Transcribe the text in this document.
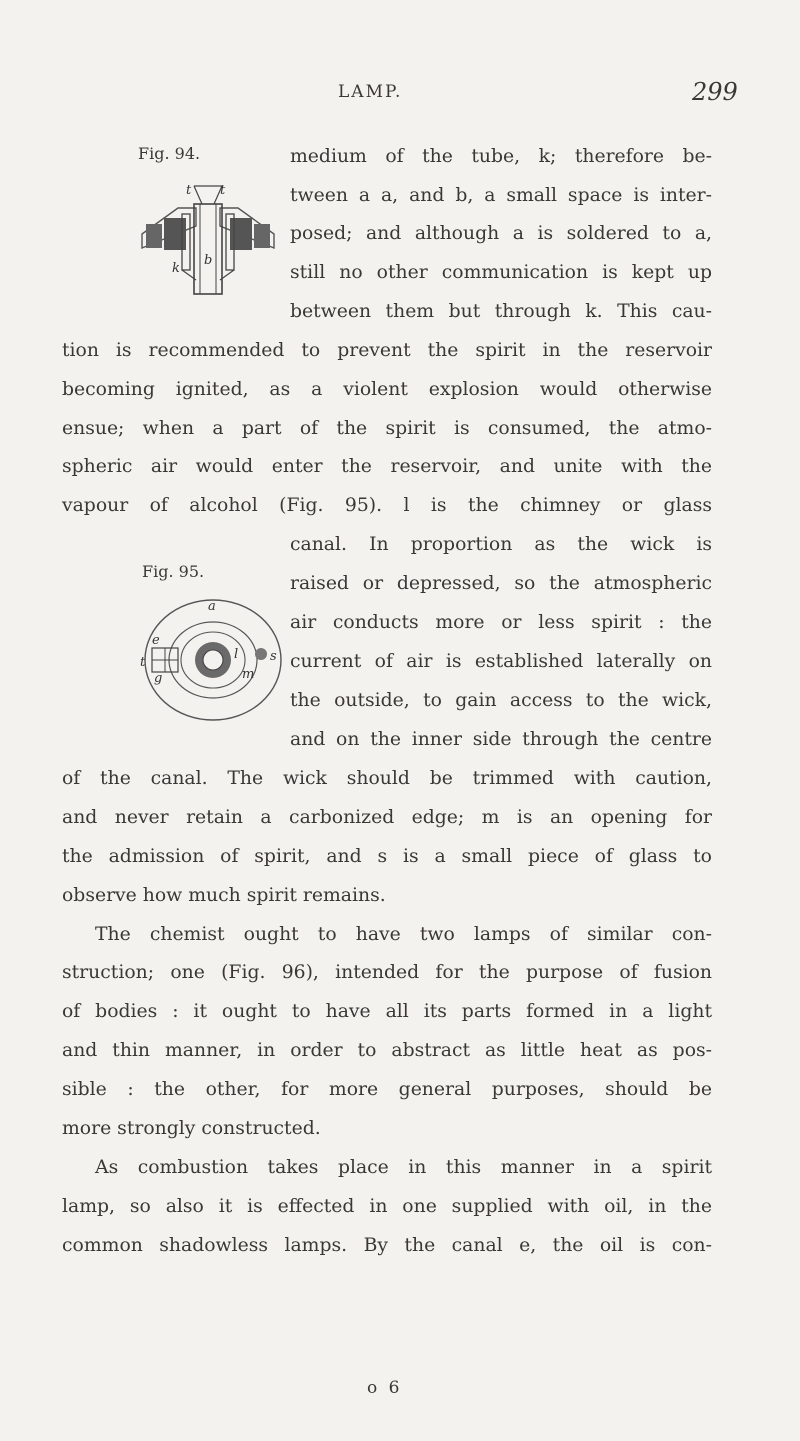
LAMP.	299
Fig. 94.
t t
k
b
Fig. 95.
a
e
t
g
l s
m
medium of the tube, k; therefore be-
tween a a, and b, a small space is inter-
posed; and although a is soldered to a,
still no other communication is kept up
between them but through k. This cau-
tion is recommended to prevent the spirit in the reservoir
becoming ignited, as a violent explosion would otherwise
ensue; when a part of the spirit is consumed, the atmo-
spheric air would enter the reservoir, and unite with the
vapour of alcohol (Fig. 95). l is the chimney or glass
canal. In proportion as the wick is
raised or depressed, so the atmospheric
air conducts more or less spirit : the
current of air is established laterally on
the outside, to gain access to the wick,
and on the inner side through the centre
of the canal. The wick should be trimmed with caution,
and never retain a carbonized edge; m is an opening for
the admission of spirit, and s is a small piece of glass to
observe how much spirit remains.
The chemist ought to have two lamps of similar con-
struction; one (Fig. 96), intended for the purpose of fusion
of bodies : it ought to have all its parts formed in a light
and thin manner, in order to abstract as little heat as pos-
sible : the other, for more general purposes, should be
more strongly constructed.
As combustion takes place in this manner in a spirit
lamp, so also it is effected in one supplied with oil, in the
common shadowless lamps. By the canal e, the oil is con-
o 6
